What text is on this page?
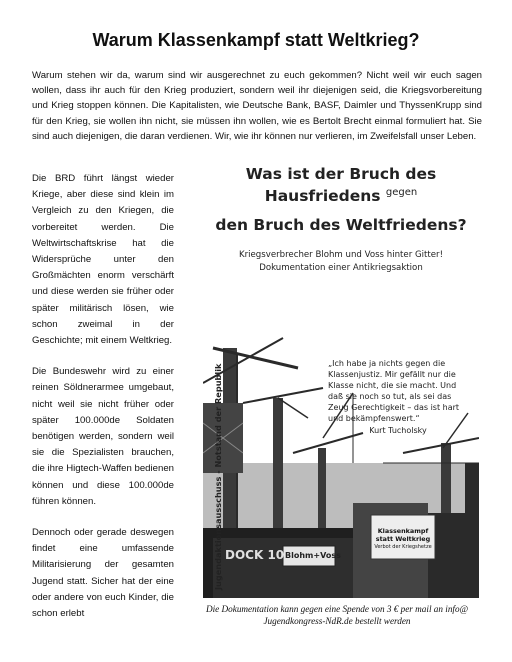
Warum Klassenkampf statt Weltkrieg?

Warum stehen wir da, warum sind wir ausgerechnet zu euch gekommen? Nicht weil wir euch sagen wollen, dass ihr auch für den Krieg produziert, sondern weil ihr diejenigen seid, die Kriegsvorbereitung und Krieg stoppen können. Die Kapitalisten, wie Deutsche Bank, BASF, Daimler und ThyssenKrupp sind für den Krieg, sie wollen ihn nicht, sie müssen ihn wollen, wie es Bertolt Brecht einmal formuliert hat. Sie sind auch diejenigen, die daran verdienen. Wir, wie ihr können nur verlieren, im Zweifelsfall unser Leben.

Die BRD führt längst wieder Kriege, aber diese sind klein im Vergleich zu den Kriegen, die vorbereitet werden. Die Weltwirtschaftskrise hat die Widersprüche unter den Großmächten enorm verschärft und diese werden sie früher oder später militärisch lösen, wie schon zweimal in der Geschichte; mit einem Weltkrieg.

Die Bundeswehr wird zu einer reinen Söldnerarmee umgebaut, nicht weil sie nicht früher oder später 100.000de Soldaten benötigen werden, sondern weil sie die Spezialisten brauchen, die ihre Higtech-Waffen bedienen können und diese 100.000de führen können.

Dennoch oder gerade deswegen findet eine umfassende Militarisierung der gesamten Jugend statt. Sicher hat der eine oder andere von euch Kinder, die schon erlebt

Was ist der Bruch des
Hausfriedens $^{gegen}$
den Bruch des Weltfriedens?
Kriegsverbrecher Blohm und Voss hinter Gitter!
Dokumentation einer Antikriegsaktion
„Ich habe ja nichts gegen die Klassenjustiz. Mir gefällt nur die Klasse nicht, die sie macht. Und daß sie noch so tut, als sei das Zeug Gerechtigkeit – das ist hart und bekämpfenswert.“
Kurt Tucholsky
DOCK 10 Blohm+Voss
Klassenkampf
statt Weltkrieg
Verbot der Kriegshetze
Jugendaktionsausschuss - Notstand der Republik

Die Dokumentation kann gegen eine Spende von 3 € per mail an info@ Jugendkongress-NdR.de bestellt werden
